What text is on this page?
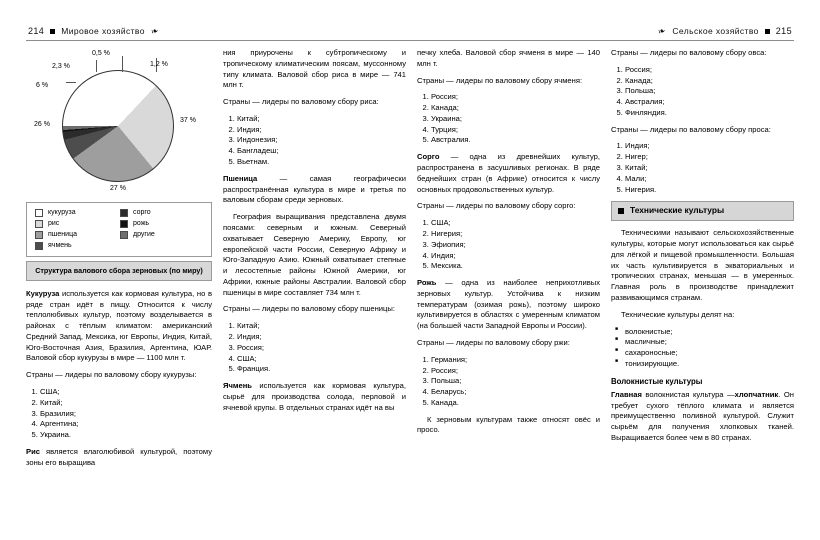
214 Мировое хозяйство ❧	❧ Сельское хозяйство 215
0,5 %
1,2 %
2,3 %
6 %
26 %
37 %
27 %
кукуруза
рис
пшеница
ячмень
сорго
рожь
другие
Структура валового сбора зерновых (по миру)

Кукуруза используется как кормовая культура, но в ряде стран идёт в пищу. Относится к числу теплолюбивых культур, поэтому возделывается в районах с тёплым климатом: американский Средний Запад, Мексика, юг Европы, Индия, Китай, Юго-Восточная Азия, Бразилия, Аргентина, ЮАР. Валовой сбор кукурузы в мире — 1100 млн т.

Страны — лидеры по валовому сбору кукурузы:

1. США;
2. Китай;
3. Бразилия;
4. Аргентина;
5. Украина.

Рис является влаголюбивой культурой, поэтому зоны его выращива

ния приурочены к субтропическому и тропическому климатическим поясам, муссонному типу климата. Валовой сбор риса в мире — 741 млн т.

Страны — лидеры по валовому сбору риса:

1. Китай;
2. Индия;
3. Индонезия;
4. Бангладеш;
5. Вьетнам.

Пшеница — самая географически распространённая культура в мире и третья по валовым сборам среди зерновых.

География выращивания представлена двумя поясами: северным и южным. Северный охватывает Северную Америку, Европу, юг европейской части России, Северную Африку и Юго-Западную Азию. Южный охватывает степные и лесостепные районы Южной Америки, юг Африки, южные районы Австралии. Валовой сбор пшеницы в мире составляет 734 млн т.

Страны — лидеры по валовому сбору пшеницы:

1. Китай;
2. Индия;
3. Россия;
4. США;
5. Франция.

Ячмень используется как кормовая культура, сырьё для производства солода, перловой и ячневой крупы. В отдельных странах идёт на вы

печку хлеба. Валовой сбор ячменя в мире — 140 млн т.

Страны — лидеры по валовому сбору ячменя:

1. Россия;
2. Канада;
3. Украина;
4. Турция;
5. Австралия.

Сорго — одна из древнейших культур, распространена в засушливых регионах. В ряде беднейших стран (в Африке) относится к числу основных продовольственных культур.

Страны — лидеры по валовому сбору сорго:

1. США;
2. Нигерия;
3. Эфиопия;
4. Индия;
5. Мексика.

Рожь — одна из наиболее неприхотливых зерновых культур. Устойчива к низким температурам (озимая рожь), поэтому широко культивируется в областях с умеренным климатом (на большей части Западной Европы и России).

Страны — лидеры по валовому сбору ржи:

1. Германия;
2. Россия;
3. Польша;
4. Беларусь;
5. Канада.

К зерновым культурам также относят овёс и просо.

Страны — лидеры по валовому сбору овса:

1. Россия;
2. Канада;
3. Польша;
4. Австралия;
5. Финляндия.

Страны — лидеры по валовому сбору проса:

1. Индия;
2. Нигер;
3. Китай;
4. Мали;
5. Нигерия.
Технические культуры

Техническими называют сельскохозяйственные культуры, которые могут использоваться как сырьё для лёгкой и пищевой промышленности. Большая их часть культивируется в экваториальных и тропических странах, меньшая — в умеренных. Главная роль в производстве принадлежит развивающимся странам.

Технические культуры делят на:

■ волокнистые;
■ масличные;
■ сахароносные;
■ тонизирующие.
Волокнистые культуры

Главная волокнистая культура —хлопчатник. Он требует сухого тёплого климата и является преимущественно поливной культурой. Служит сырьём для получения хлопковых тканей. Выращивается более чем в 80 странах.
